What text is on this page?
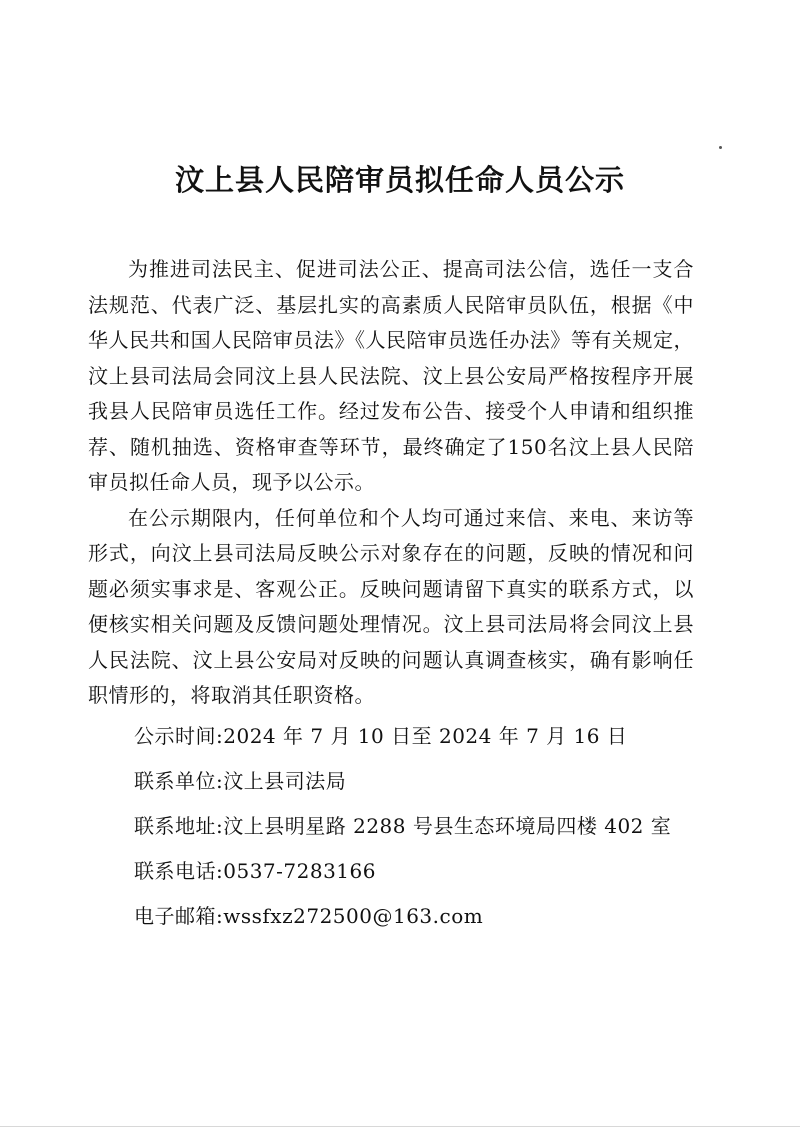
汶上县人民陪审员拟任命人员公示

为推进司法民主、促进司法公正、提高司法公信，选任一支合法规范、代表广泛、基层扎实的高素质人民陪审员队伍，根据《中华人民共和国人民陪审员法》《人民陪审员选任办法》等有关规定，汶上县司法局会同汶上县人民法院、汶上县公安局严格按程序开展我县人民陪审员选任工作。经过发布公告、接受个人申请和组织推荐、随机抽选、资格审查等环节，最终确定了150名汶上县人民陪审员拟任命人员，现予以公示。

在公示期限内，任何单位和个人均可通过来信、来电、来访等形式，向汶上县司法局反映公示对象存在的问题，反映的情况和问题必须实事求是、客观公正。反映问题请留下真实的联系方式，以便核实相关问题及反馈问题处理情况。汶上县司法局将会同汶上县人民法院、汶上县公安局对反映的问题认真调查核实，确有影响任职情形的，将取消其任职资格。

公示时间:2024 年 7 月 10 日至 2024 年 7 月 16 日

联系单位:汶上县司法局

联系地址:汶上县明星路 2288 号县生态环境局四楼 402 室

联系电话:0537-7283166

电子邮箱:wssfxz272500@163.com
